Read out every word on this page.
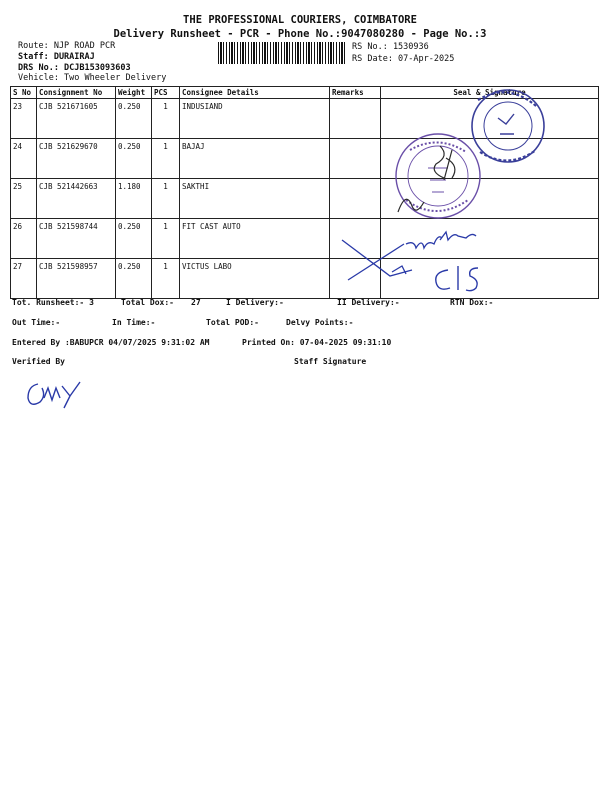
THE PROFESSIONAL COURIERS, COIMBATORE
Delivery Runsheet - PCR - Phone No.:9047080280 - Page No.:3
Route: NJP ROAD PCR
Staff: DURAIRAJ
DRS No.: DCJB153093603
Vehicle: Two Wheeler Delivery
RS No.: 1530936
RS Date: 07-Apr-2025
S No	Consignment No	Weight	PCS	Consignee Details	Remarks	Seal & Signature
23	CJB 521671605	0.250	1	INDUSIAND		
24	CJB 521629670	0.250	1	BAJAJ		
25	CJB 521442663	1.180	1	SAKTHI		
26	CJB 521598744	0.250	1	FIT CAST AUTO		
27	CJB 521598957	0.250	1	VICTUS LABO		
Tot. Runsheet:- 3	Total Dox:- 27	I Delivery:-	II Delivery:-	RTN Dox:-
Out Time:-	In Time:-	Total POD:-	Delvy Points:-
Entered By :BABUPCR 04/07/2025 9:31:02 AM	Printed On: 07-04-2025 09:31:10
Verified By	Staff Signature
